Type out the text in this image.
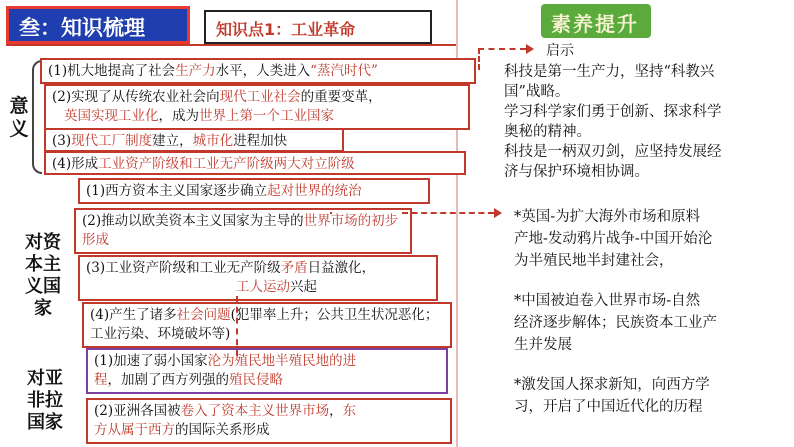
叁：知识梳理	知识点1：工业革命	素养提升
意义
对资本主义国家
对亚非拉国家
(1)机大地提高了社会生产力水平，人类进入“蒸汽时代”
(2)实现了从传统农业社会向现代工业社会的重要变革，
英国实现工业化，成为世界上第一个工业国家
(3)现代工厂制度建立，城市化进程加快
(4)形成工业资产阶级和工业无产阶级两大对立阶级
(1)西方资本主义国家逐步确立起对世界的统治
(2)推动以欧美资本主义国家为主导的世界市场的初步形成
(3)工业资产阶级和工业无产阶级矛盾日益激化，
工人运动兴起
(4)产生了诸多社会问题(犯罪率上升；公共卫生状况恶化；工业污染、环境破坏等)
(1)加速了弱小国家沦为殖民地半殖民地的进
程，加剧了西方列强的殖民侵略
(2)亚洲各国被卷入了资本主义世界市场，东
方从属于西方的国际关系形成
启示
科技是第一生产力，坚持“科教兴
国”战略。
学习科学家们勇于创新、探求科学
奥秘的精神。
科技是一柄双刃剑，应坚持发展经
济与保护环境相协调。
*英国-为扩大海外市场和原料
产地-发动鸦片战争-中国开始沦
为半殖民地半封建社会，
*中国被迫卷入世界市场-自然
经济逐步解体；民族资本工业产
生并发展
*激发国人探求新知，向西方学
习，开启了中国近代化的历程
